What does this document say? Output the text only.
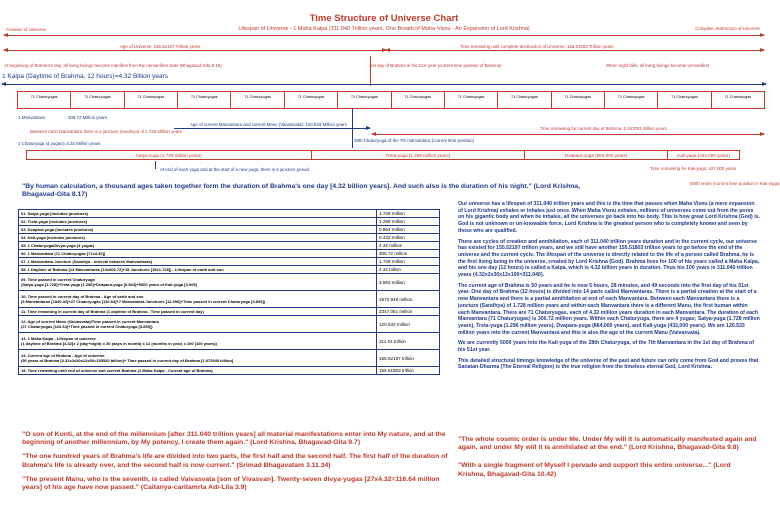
Time Structure of Universe Chart
Lifespan of Universe - 1 Maha Kalpa (311.040 Trillion years, One Breath of Maha-Visnu - An Expansion of Lord Krishna)
Creation of Universe	Complete destruction of Universe
Age of Universe: 155.52197 Trillion years	Time remaining until complete destruction of Universe: 155.51803 Trillion years
At beginning of Brahma's day, all living beings become manifest from the unmanifest state (Bhagavad-Gita 8.18)	1st day of Brahma in his 51st year (current time position of Brahma)	When night falls, all living beings become unmanifest
1 Kalpa (Daytime of Brahma, 12 hours)=4.32 Billion years
71 Chaturyugas	71 Chaturyugas	71 Chaturyugas	71 Chaturyugas	71 Chaturyugas	71 Chaturyugas	71 Chaturyugas	71 Chaturyugas	71 Chaturyugas	71 Chaturyugas	71 Chaturyugas	71 Chaturyugas	71 Chaturyugas	71 Chaturyugas
1 Manvantara	306.72 Million years
Age of current Manvantara and current Manu (Vaivasvata): 120.533 Million years
Between each Manvantara there is a juncture (sandhya) of 1.728 Million years
Time remaining for current day of Brahma: 2.347051 Billion years
1 Chaturyuga (4 yugas)=4.32 Million years
28th Chaturyuga of the 7th manvantara (current time position)
Satya-yuga (1.728 million years)	Treta-yuga (1.296 million years)	Dvapara-yuga (864,000 years)	Kali-yuga (432,000 years)
Time remaining for Kali-yuga: 427,000 years
5000 years (current time position in Kali-yuga)
At end of each yuga and at the start of a new yuga, there is a juncture period
"By human calculation, a thousand ages taken together form the duration of Brahma's one day [4.32 billion years]. And such also is the duration of his night." (Lord Krishna, Bhagavad-Gita 8.17)
01. Satya-yuga (includes junctures)	1.728 million

02. Treta-yuga (includes junctures)	1.296 million

03. Dvapara-yuga (includes junctures)	0.864 million

04. Kali-yuga (includes junctures)	0.432 million

05. 1 Chaturyuga/Divya-yuga (4 yugas)	4.32 million

06. 1 Manvantara (71 Chaturyugas [71x4.32])	306.72 million

07. 1 Manvantara Juncture (Sandhya - Interval between Manvantaras)	1.728 million

08. 1 Daytime of Brahma (14 Manvantaras [14x306.72]+15 Junctures [15x1.728]) - Lifespan of earth and sun	4.32 billion

09. Time passed in current Chaturyuga
(Satya-yuga [1.728]+Treta-yuga [1.296]+Dvapara-yuga [0.864]+5000 years of Kali-yuga [0.005]	3.893 million

10. Time passed in current day of Brahma - Age of earth and sun
(6 Manvantaras [1840.32]+27 Chaturyugas [116.64]+7 Manvantara Junctures [12.096]+Time passed in current Chaturyuga [3.893])	1972.949 million

11. Time remaining in current day of Brahma (1 daytime of Brahma - Time passed in current day)	2347.051 million

12. Age of current Manu (Vaivasvata)/Time passed in current Manvantara
(27 Chaturyugas [116.64]+Time passed in current Chaturyuga [3.893])	120.533 million

13. 1 Maha Kalpa - Lifespan of universe
(1 daytime of Brahma [4.32]x 2 (day+night) x 30 (days in month) x 12 (months in year) x 100 (100 years))	311.04 trillion

14. Current age of Brahma - Age of universe
(50 years of Brahma [4.32x2x30x12x50=155520 billion]+ Time passed in current day of Brahma [1.972949 billion]	155.52197 trillion

15. Time remaining until end of universe and current Brahma (1 Maha Kalpa - Current age of Brahma)	155.51803 trillion

Our universe has a lifespan of 311.040 trillion years and this is the time that passes when Maha Visnu (a mere expansion of Lord Krishna) exhales or inhales just once. When Maha Visnu exhales, millions of universes come out from the pores on his gigantic body and when he inhales, all the universes go back into his body. This is how great Lord Krishna (God) is. God is not unknown or un-knowable force, Lord Krishna is the greatest person who is completely known and seen by those who are qualified.

There are cycles of creation and annihilation, each of 311.040 trillion years duration and in the current cycle, our universe has existed for 155.52197 trillion years, and we still have another 155.51803 trillion years to go before the end of the universe and the current cycle. The lifespan of the universe is directly related to the life of a person called Brahma, he is the first living being in the universe, created by Lord Krishna (God). Brahma lives for 100 of his years called a Maha Kalpa, and his one day (12 hours) is called a Kalpa, which is 4.32 billion years in duration. Thus his 100 years is 311.040 trillion years (4.32x2x30x12x100=311.040).

The current age of Brahma is 50 years and he is now 5 hours, 28 minutes, and 49 seconds into the first day of his 51st year. One day of Brahma (12 hours) is divided into 14 parts called Manvantaras. There is a partial creation at the start of a new Manvantara and there is a partial annihilation at end of each Manvantara. Between each Manvantara there is a juncture (Sandhya) of 1.728 million years and within each Manvantara there is a different Manu, the first human within each Manvantara. There are 71 Chaturyugas, each of 4.32 million years duration in each Manvantara. The duration of each Manvantara (71 Chaturyugas) is 306.72 million years. Within each Chaturyuga, there are 4 yugas; Satya-yuga (1.728 million years), Treta-yuga (1.296 million years), Dvapara-yuga (864,000 years), and Kali-yuga (432,000 years). We are 120.533 million years into the current Manvantara and this is also the age of the current Manu (Vaivasvata).

We are currently 5000 years into the Kali-yuga of the 28th Chaturyuga, of the 7th Manvantara in the 1st day of Brahma of his 51st year.

This detailed structural timings knowledge of the universe of the past and future can only come from God and proves that Sanatan-Dharma (The Eternal Religion) is the true religion from the timeless eternal God, Lord Krishna.

"O son of Kunti, at the end of the millennium [after 311.040 trillion years] all material manifestations enter into My nature, and at the beginning of another millennium, by My potency, I create them again." (Lord Krishna, Bhagavad-Gita 9.7)
"The one hundred years of Brahma's life are divided into two parts, the first half and the second half. The first half of the duration of Brahma's life is already over, and the second half is now current." (Srimad Bhagavatam 3.11.34)
"The present Manu, who is the seventh, is called Vaivasvata [son of Vivasvan]. Twenty-seven divya-yugas [27x4.32=116.64 million years] of his age have now passed." (Caitanya-caritamrta Adi-Lila 3.9)
"The whole cosmic order is under Me. Under My will it is automatically manifested again and again, and under My will it is annihilated at the end." (Lord Krishna, Bhagavad-Gita 9.8)
"With a single fragment of Myself I pervade and support this entire universe..." (Lord Krishna, Bhagavad-Gita 10.42)
